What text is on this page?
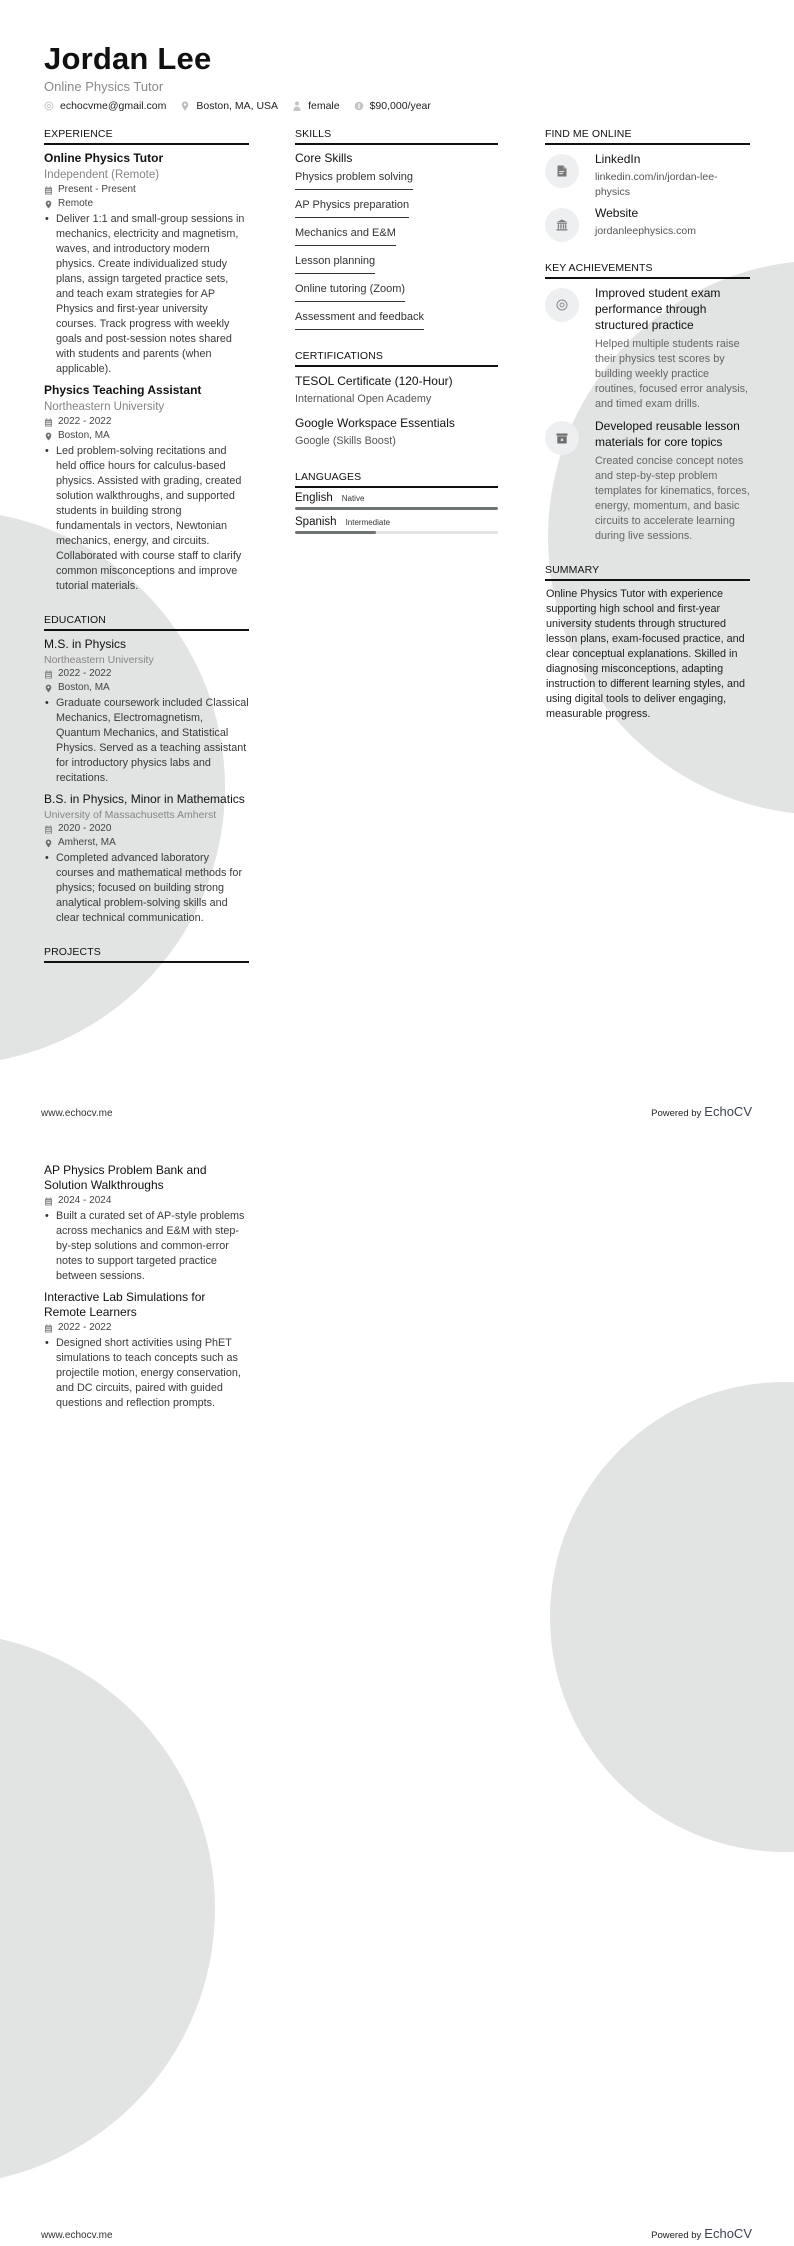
Jordan Lee
Online Physics Tutor
echocvme@gmail.com	Boston, MA, USA	female	$90,000/year
EXPERIENCE
Online Physics Tutor
Independent (Remote)
Present - Present
Remote
• Deliver 1:1 and small-group sessions in mechanics, electricity and magnetism, waves, and introductory modern physics. Create individualized study plans, assign targeted practice sets, and teach exam strategies for AP Physics and first-year university courses. Track progress with weekly goals and post-session notes shared with students and parents (when applicable).
Physics Teaching Assistant
Northeastern University
2022 - 2022
Boston, MA
• Led problem-solving recitations and held office hours for calculus-based physics. Assisted with grading, created solution walkthroughs, and supported students in building strong fundamentals in vectors, Newtonian mechanics, energy, and circuits. Collaborated with course staff to clarify common misconceptions and improve tutorial materials.
EDUCATION
M.S. in Physics
Northeastern University
2022 - 2022
Boston, MA
• Graduate coursework included Classical Mechanics, Electromagnetism, Quantum Mechanics, and Statistical Physics. Served as a teaching assistant for introductory physics labs and recitations.
B.S. in Physics, Minor in Mathematics
University of Massachusetts Amherst
2020 - 2020
Amherst, MA
• Completed advanced laboratory courses and mathematical methods for physics; focused on building strong analytical problem-solving skills and clear technical communication.
PROJECTS
SKILLS
Core Skills
Physics problem solving
AP Physics preparation
Mechanics and E&M
Lesson planning
Online tutoring (Zoom)
Assessment and feedback
CERTIFICATIONS
TESOL Certificate (120-Hour)
International Open Academy
Google Workspace Essentials
Google (Skills Boost)
LANGUAGES
English Native
Spanish Intermediate
FIND ME ONLINE
LinkedIn
linkedin.com/in/jordan-lee-physics
Website
jordanleephysics.com
KEY ACHIEVEMENTS
Improved student exam performance through structured practice
Helped multiple students raise their physics test scores by building weekly practice routines, focused error analysis, and timed exam drills.
Developed reusable lesson materials for core topics
Created concise concept notes and step-by-step problem templates for kinematics, forces, energy, momentum, and basic circuits to accelerate learning during live sessions.
SUMMARY
Online Physics Tutor with experience supporting high school and first-year university students through structured lesson plans, exam-focused practice, and clear conceptual explanations. Skilled in diagnosing misconceptions, adapting instruction to different learning styles, and using digital tools to deliver engaging, measurable progress.
www.echocv.me	Powered by EchoCV
AP Physics Problem Bank and Solution Walkthroughs
2024 - 2024
• Built a curated set of AP-style problems across mechanics and E&M with step-by-step solutions and common-error notes to support targeted practice between sessions.
Interactive Lab Simulations for Remote Learners
2022 - 2022
• Designed short activities using PhET simulations to teach concepts such as projectile motion, energy conservation, and DC circuits, paired with guided questions and reflection prompts.
www.echocv.me	Powered by EchoCV
